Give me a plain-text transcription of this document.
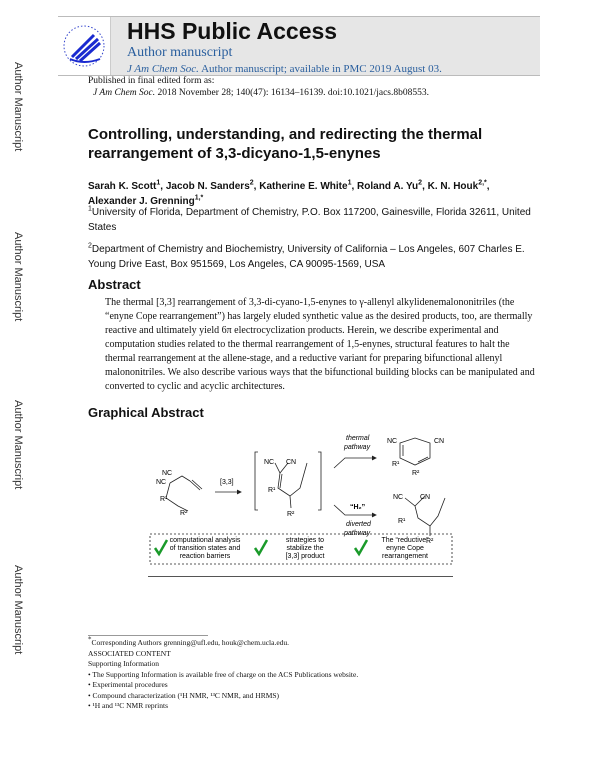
Author Manuscript
Author Manuscript
Author Manuscript
Author Manuscript
HHS Public Access
Author manuscript
J Am Chem Soc. Author manuscript; available in PMC 2019 August 03.
Published in final edited form as:
J Am Chem Soc. 2018 November 28; 140(47): 16134–16139. doi:10.1021/jacs.8b08553.
Controlling, understanding, and redirecting the thermal rearrangement of 3,3-dicyano-1,5-enynes
Sarah K. Scott$^1$, Jacob N. Sanders$^2$, Katherine E. White$^1$, Roland A. Yu$^2$, K. N. Houk$^{2,*}$, Alexander J. Grenning$^{1,*}$
$^1$University of Florida, Department of Chemistry, P.O. Box 117200, Gainesville, Florida 32611, United States
$^2$Department of Chemistry and Biochemistry, University of California – Los Angeles, 607 Charles E. Young Drive East, Box 951569, Los Angeles, CA 90095-1569, USA
Abstract
The thermal [3,3] rearrangement of 3,3-di-cyano-1,5-enynes to γ-allenyl alkylidenemalononitriles (the “enyne Cope rearrangement”) has largely eluded synthetic value as the desired products, too, are thermally reactive and ultimately yield 6π electrocyclization products. Herein, we describe experimental and computation studies related to the thermal rearrangement of 1,5-enynes, structural features to halt the thermal rearrangement at the allene-stage, and a reductive variant for preparing bifunctional allenyl malononitriles. We also describe various ways that the bifunctional building blocks can be manipulated and converted to cyclic and acyclic architectures.
Graphical Abstract
NC
NC
R¹
R²
[3,3]
NC CN
R¹
R²
thermal
pathway
“H₂”
diverted
pathway
NC	CN
R¹
R²
NC CN
R¹
R²
computational analysis
of transition states and
reaction barriers
strategies to
stabilize the
[3,3] product
The “reductive”
enyne Cope
rearrangement
*Corresponding Authors grenning@ufl.edu, houk@chem.ucla.edu.
ASSOCIATED CONTENT
Supporting Information
• The Supporting Information is available free of charge on the ACS Publications website.
• Experimental procedures
• Compound characterization (¹H NMR, ¹³C NMR, and HRMS)
• ¹H and ¹³C NMR reprints
